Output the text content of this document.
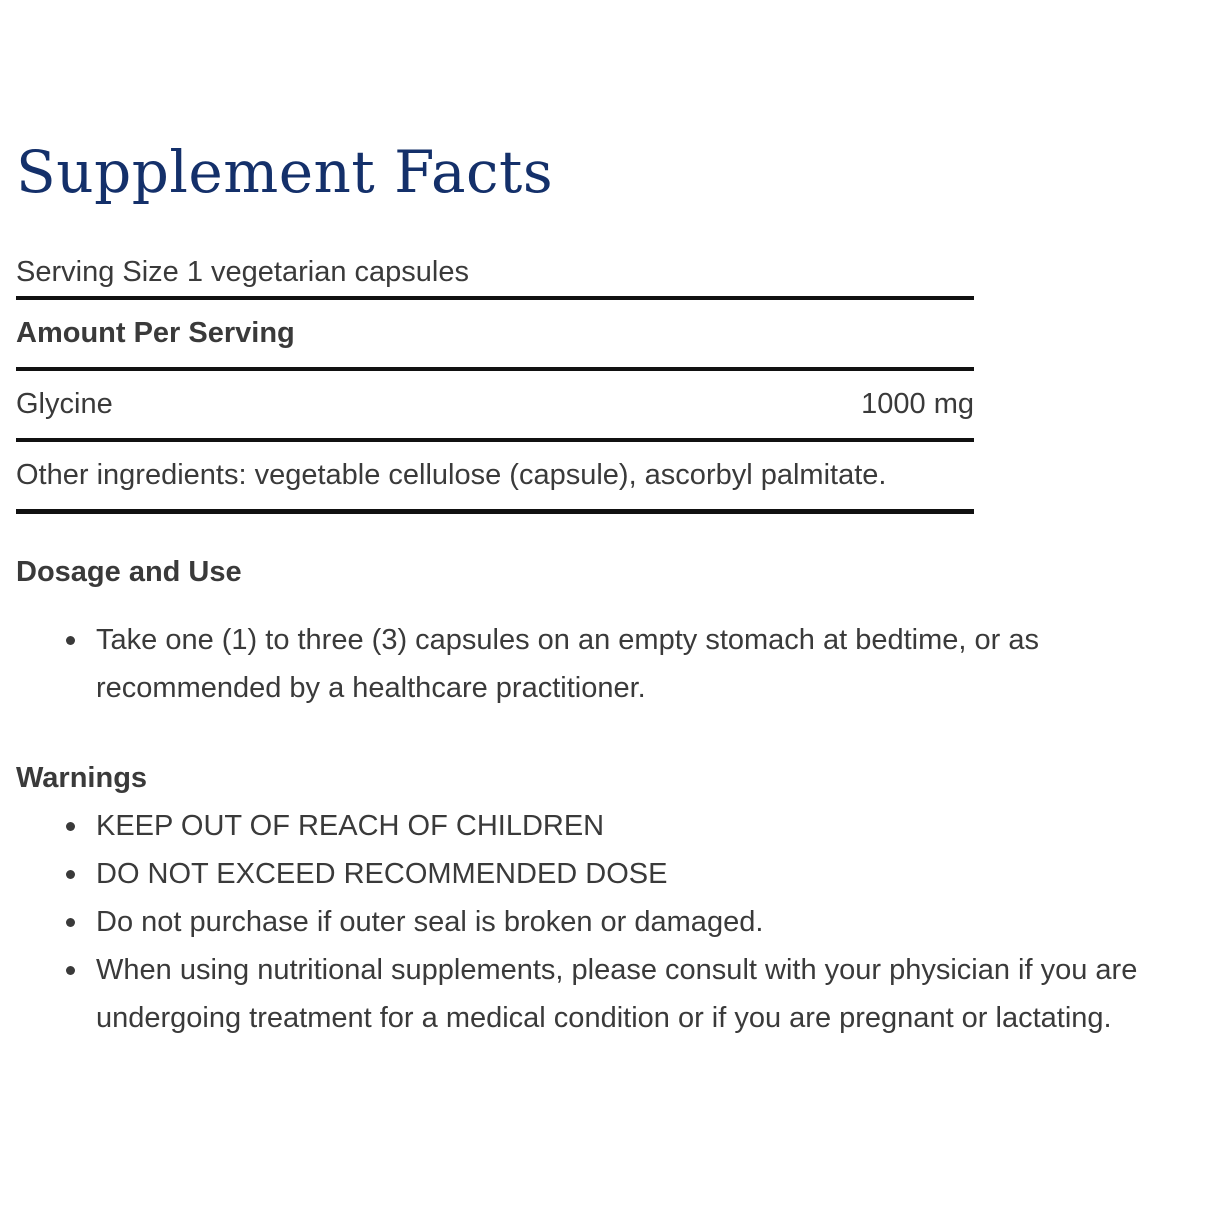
Supplement Facts
Serving Size 1 vegetarian capsules
Amount Per Serving
Glycine	1000 mg
Other ingredients: vegetable cellulose (capsule), ascorbyl palmitate.
Dosage and Use
Take one (1) to three (3) capsules on an empty stomach at bedtime, or as recommended by a healthcare practitioner.
Warnings
KEEP OUT OF REACH OF CHILDREN
DO NOT EXCEED RECOMMENDED DOSE
Do not purchase if outer seal is broken or damaged.
When using nutritional supplements, please consult with your physician if you are undergoing treatment for a medical condition or if you are pregnant or lactating.
